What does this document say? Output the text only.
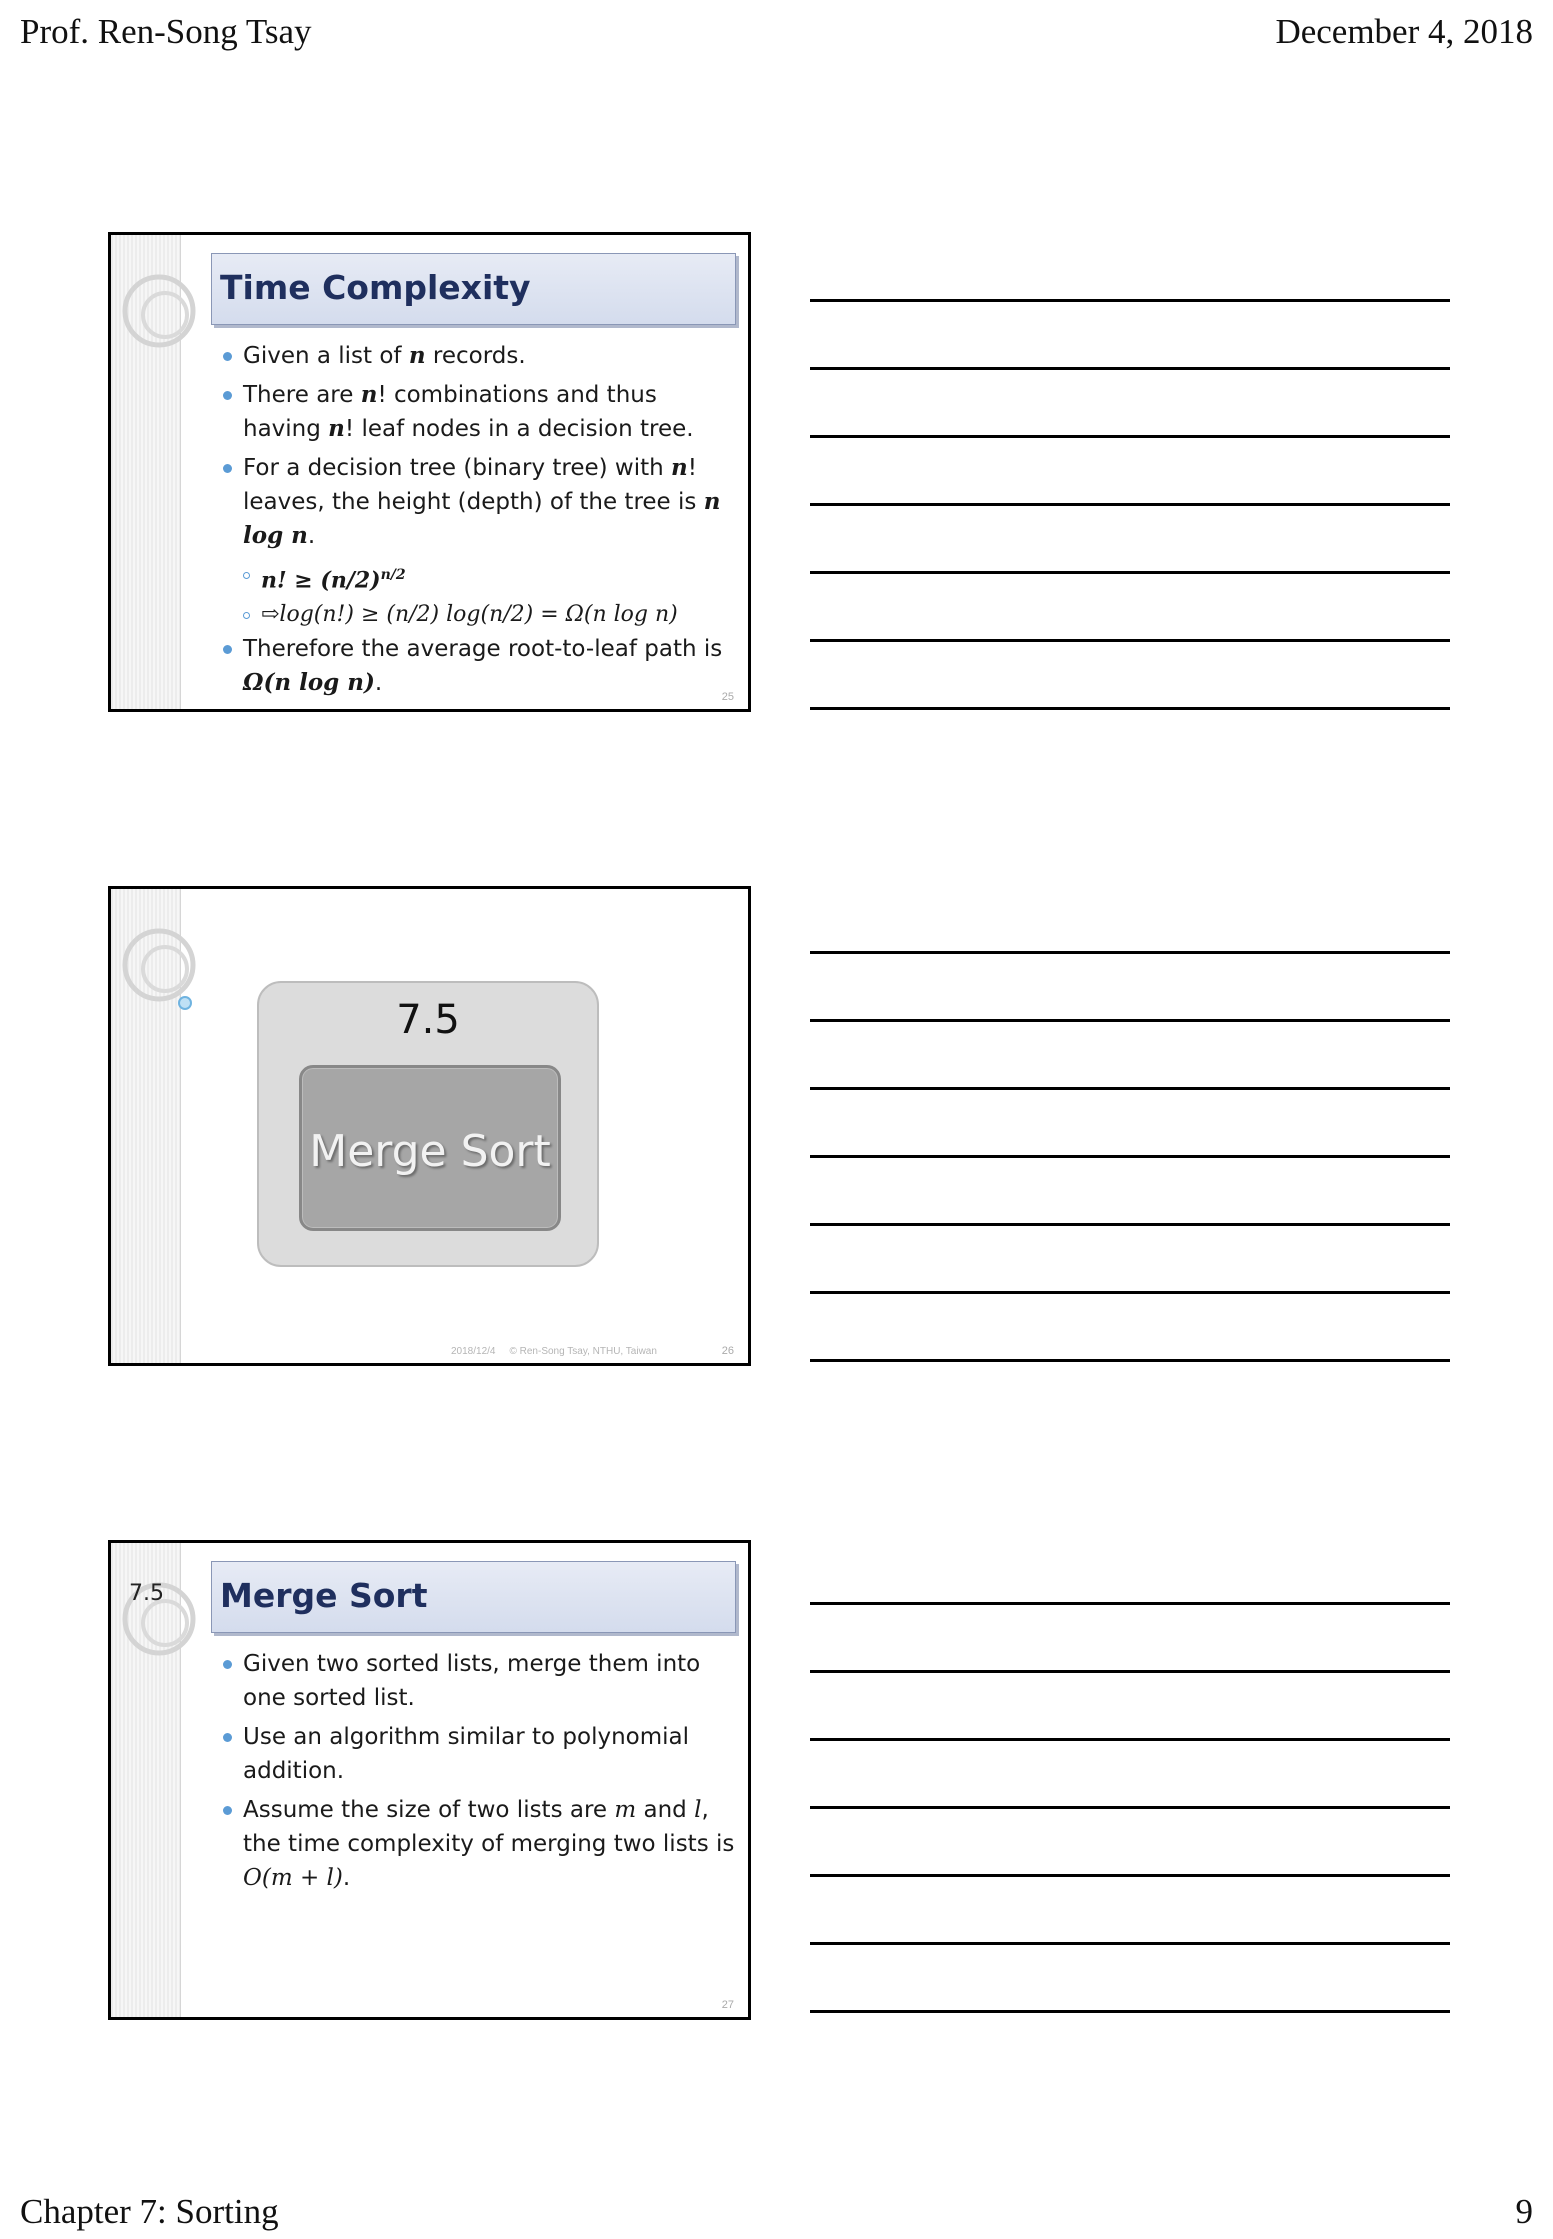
Prof. Ren-Song Tsay	December 4, 2018
Chapter 7: Sorting	9
Time Complexity
Given a list of n records.
There are n! combinations and thus having n! leaf nodes in a decision tree.
For a decision tree (binary tree) with n! leaves, the height (depth) of the tree is n log n.
n! ≥ $(n/2)^{n/2}$
⇨log(n!) ≥ (n/2) log(n/2) = Ω(n log n)
Therefore the average root-to-leaf path is Ω(n log n).
25
7.5
Merge Sort
2018/12/4 © Ren-Song Tsay, NTHU, Taiwan	26
7.5 Merge Sort
Given two sorted lists, merge them into one sorted list.
Use an algorithm similar to polynomial addition.
Assume the size of two lists are m and l, the time complexity of merging two lists is O(m + l).
27
